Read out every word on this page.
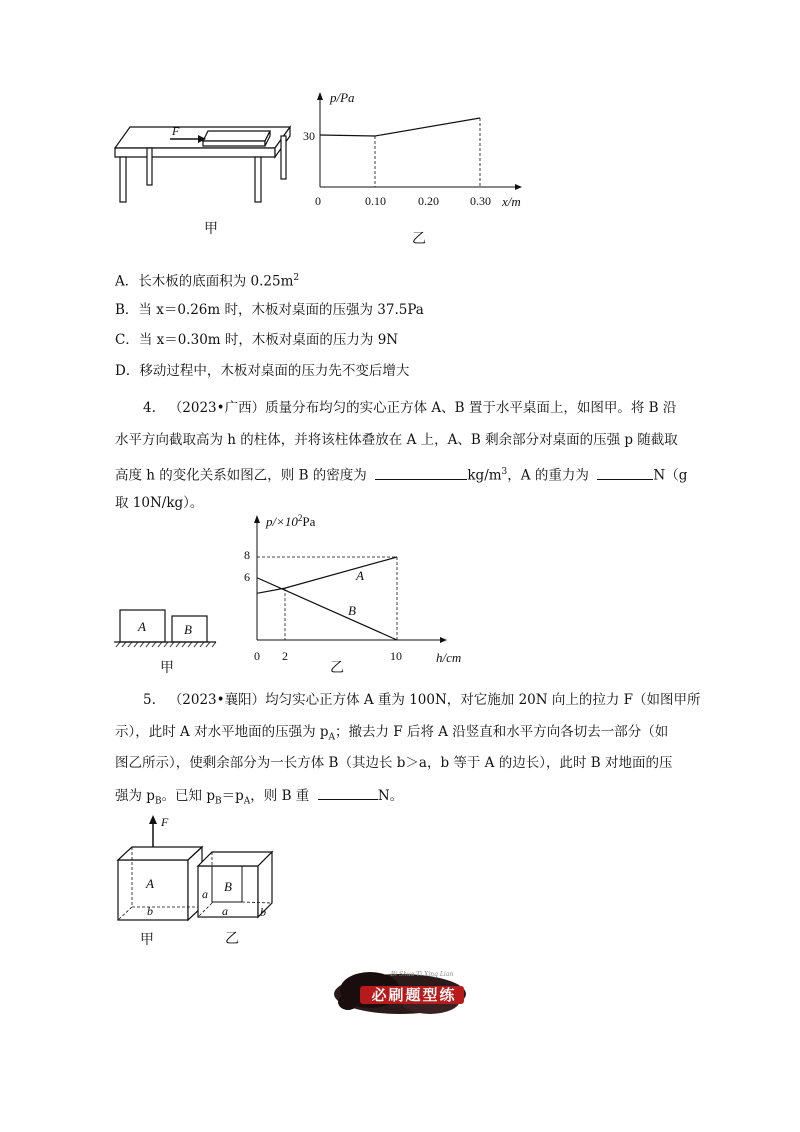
F
甲
p/Pa
30
0	0.10	0.20	0.30 x/m
乙
A．长木板的底面积为 $0.25m^2$
B．当 x＝0.26m 时，木板对桌面的压强为 37.5Pa
C．当 x＝0.30m 时，木板对桌面的压力为 9N
D．移动过程中，木板对桌面的压力先不变后增大
4. （2023•广西）质量分布均匀的实心正方体 A、B 置于水平桌面上，如图甲。将 B 沿
水平方向截取高为 h 的柱体，并将该柱体叠放在 A 上，A、B 剩余部分对桌面的压强 p 随截取
高度 h 的变化关系如图乙，则 B 的密度为	$kg/m^3$，A 的重力为	N（g
取 10N/kg）。
A	B
甲
$p/\times 10^2Pa$
8
6
0 2	10	h/cm
A
B
乙
5. （2023•襄阳）均匀实心正方体 A 重为 100N，对它施加 20N 向上的拉力 F（如图甲所
示），此时 A 对水平地面的压强为 $p_A$；撤去力 F 后将 A 沿竖直和水平方向各切去一部分（如
图乙所示），使剩余部分为一长方体 B（其边长 b＞a，b 等于 A 的边长），此时 B 对地面的压
强为 $p_B$。已知 $p_B=p_A$，则 B 重	N。
F
A
b
甲
B
a
a	b
乙
必刷题型练
Bi Shua Ti Xing Lian
